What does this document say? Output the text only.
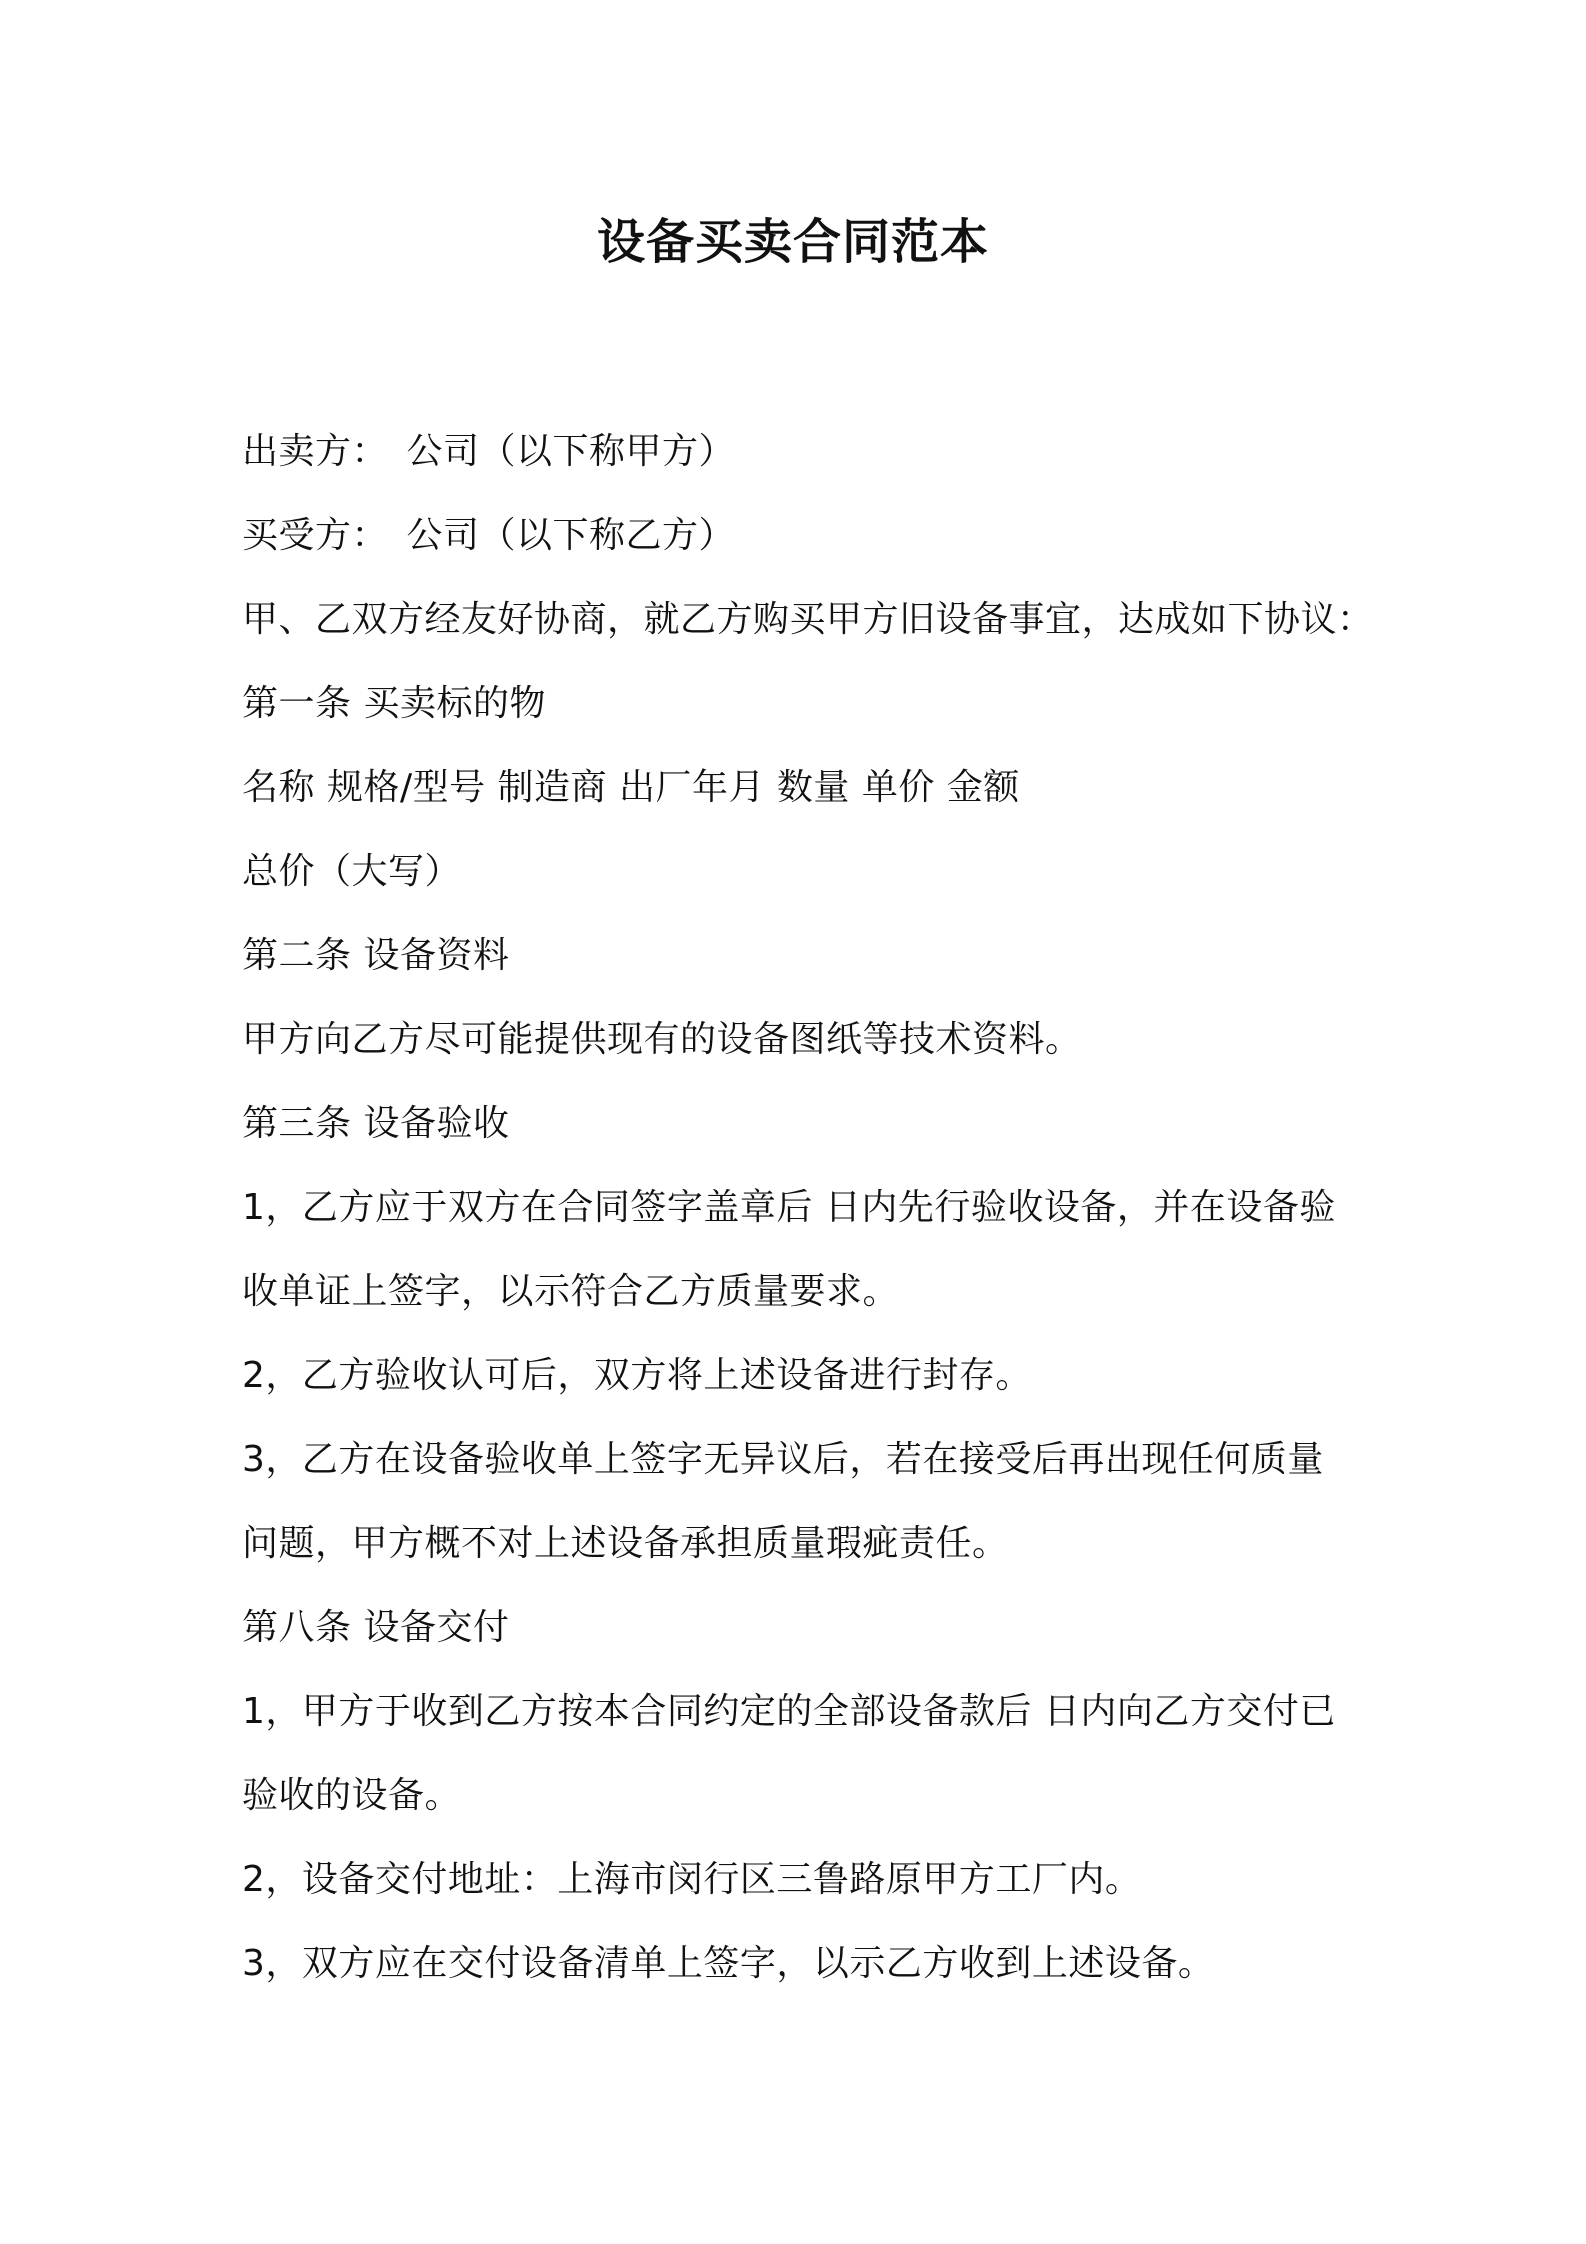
设备买卖合同范本
出卖方：　公司（以下称甲方）
买受方：　公司（以下称乙方）
甲、乙双方经友好协商，就乙方购买甲方旧设备事宜，达成如下协议：
第一条 买卖标的物
名称 规格/型号 制造商 出厂年月 数量 单价 金额
总价（大写）
第二条 设备资料
甲方向乙方尽可能提供现有的设备图纸等技术资料。
第三条 设备验收
1，乙方应于双方在合同签字盖章后 日内先行验收设备，并在设备验
收单证上签字，以示符合乙方质量要求。
2，乙方验收认可后，双方将上述设备进行封存。
3，乙方在设备验收单上签字无异议后，若在接受后再出现任何质量
问题，甲方概不对上述设备承担质量瑕疵责任。
第八条 设备交付
1，甲方于收到乙方按本合同约定的全部设备款后 日内向乙方交付已
验收的设备。
2，设备交付地址：上海市闵行区三鲁路原甲方工厂内。
3，双方应在交付设备清单上签字，以示乙方收到上述设备。
